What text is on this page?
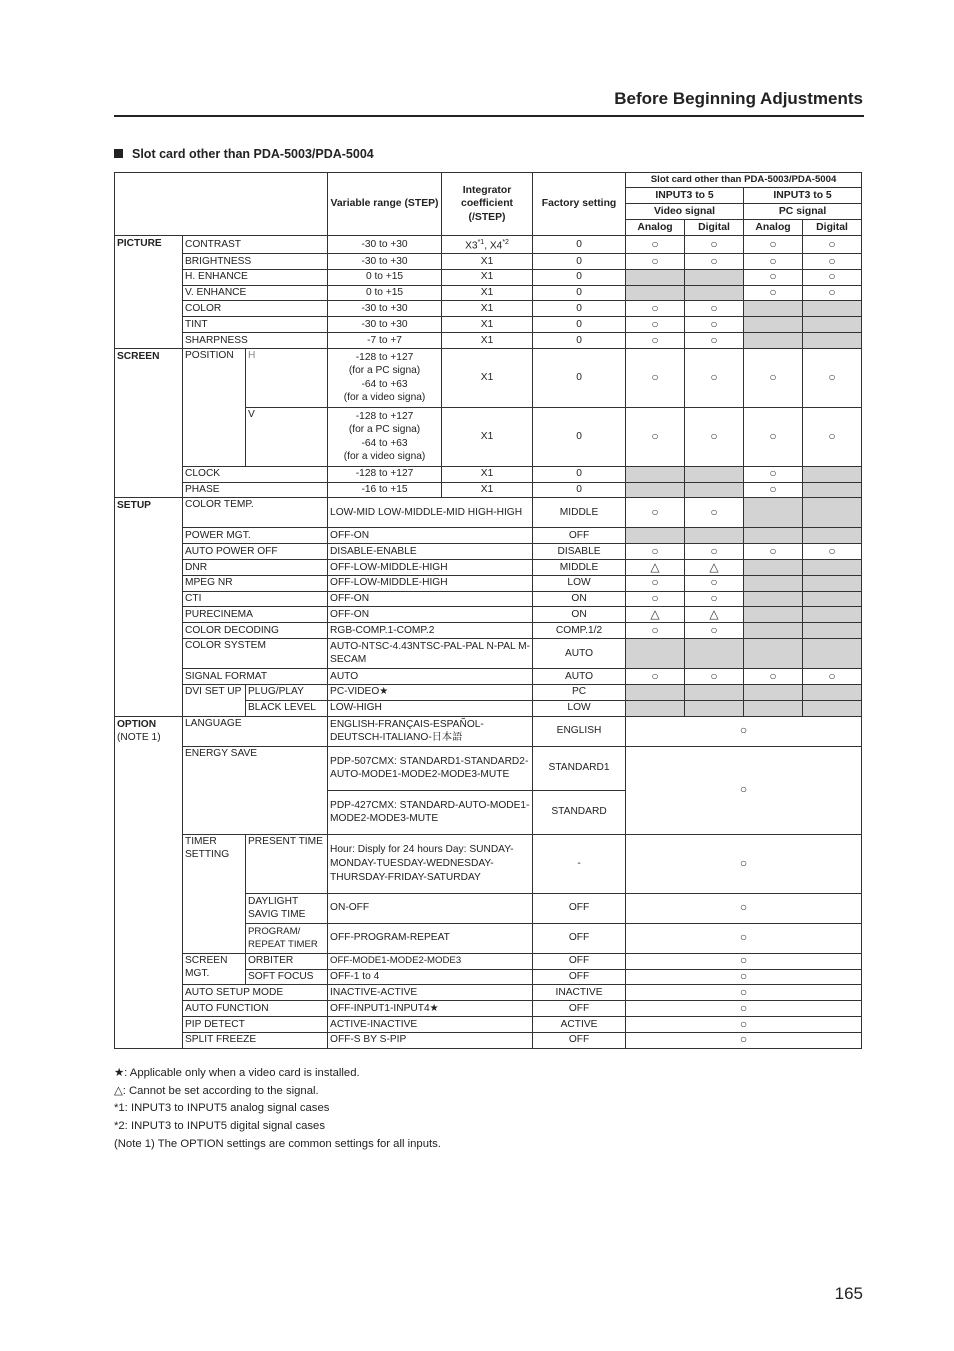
Before Beginning Adjustments
Slot card other than PDA-5003/PDA-5004
			Variable range (STEP)	Integrator coefficient (/STEP)	Factory setting	Slot card other than PDA-5003/PDA-5004			
						INPUT3 to 5		INPUT3 to 5	
						Video signal		PC signal	
						Analog	Digital	Analog	Digital
PICTURE	CONTRAST		-30 to +30	X3$^{*1}$, X4$^{*2}$	0	○	○	○	○
	BRIGHTNESS		-30 to +30	X1	0	○	○	○	○
	H. ENHANCE		0 to +15	X1	0			○	○
	V. ENHANCE		0 to +15	X1	0			○	○
	COLOR		-30 to +30	X1	0	○	○		
	TINT		-30 to +30	X1	0	○	○		
	SHARPNESS		-7 to +7	X1	0	○	○		
SCREEN	POSITION	H	-128 to +127
(for a PC signa)
-64 to +63
(for a video signa)	X1	0	○	○	○	○
		V	-128 to +127
(for a PC signa)
-64 to +63
(for a video signa)	X1	0	○	○	○	○
	CLOCK		-128 to +127	X1	0			○	
	PHASE		-16 to +15	X1	0			○	
SETUP	COLOR TEMP.		LOW-MID LOW-MIDDLE-MID HIGH-HIGH		MIDDLE	○	○		
	POWER MGT.		OFF-ON		OFF				
	AUTO POWER OFF		DISABLE-ENABLE		DISABLE	○	○	○	○
	DNR		OFF-LOW-MIDDLE-HIGH		MIDDLE	△	△		
	MPEG NR		OFF-LOW-MIDDLE-HIGH		LOW	○	○		
	CTI		OFF-ON		ON	○	○		
	PURECINEMA		OFF-ON		ON	△	△		
	COLOR DECODING		RGB-COMP.1-COMP.2		COMP.1/2	○	○		
	COLOR SYSTEM		AUTO-NTSC-4.43NTSC-PAL-PAL N-PAL M-SECAM		AUTO				
	SIGNAL FORMAT		AUTO		AUTO	○	○	○	○
	DVI SET UP	PLUG/PLAY	PC-VIDEO★		PC				
		BLACK LEVEL	LOW-HIGH		LOW				

OPTION
(NOTE 1)	LANGUAGE		ENGLISH-FRANÇAIS-ESPAÑOL-DEUTSCH-ITALIANO-日本語		ENGLISH	○			
	ENERGY SAVE		PDP-507CMX: STANDARD1-STANDARD2-AUTO-MODE1-MODE2-MODE3-MUTE		STANDARD1	○			
			PDP-427CMX: STANDARD-AUTO-MODE1-MODE2-MODE3-MUTE		STANDARD				
	TIMER SETTING	PRESENT TIME	Hour: Disply for 24 hours Day: SUNDAY-MONDAY-TUESDAY-WEDNESDAY-THURSDAY-FRIDAY-SATURDAY		-	○			
		DAYLIGHT SAVIG TIME	ON-OFF		OFF	○			
		PROGRAM/ REPEAT TIMER	OFF-PROGRAM-REPEAT		OFF	○			
	SCREEN MGT.	ORBITER	OFF-MODE1-MODE2-MODE3		OFF	○			
		SOFT FOCUS	OFF-1 to 4		OFF	○			
	AUTO SETUP MODE		INACTIVE-ACTIVE		INACTIVE	○			
	AUTO FUNCTION		OFF-INPUT1-INPUT4★		OFF	○			
	PIP DETECT		ACTIVE-INACTIVE		ACTIVE	○			
	SPLIT FREEZE		OFF-S BY S-PIP		OFF	○			
★: Applicable only when a video card is installed.
△: Cannot be set according to the signal.
*1: INPUT3 to INPUT5 analog signal cases
*2: INPUT3 to INPUT5 digital signal cases
(Note 1) The OPTION settings are common settings for all inputs.
165
